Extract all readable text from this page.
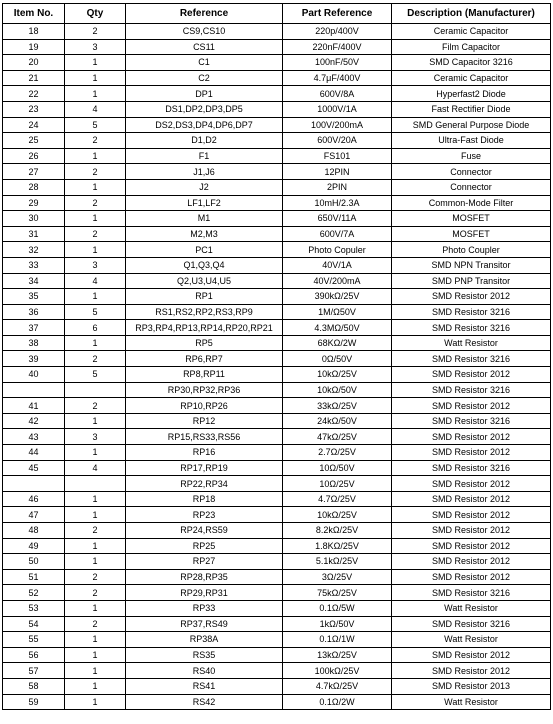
Item No.	Qty	Reference	Part Reference	Description (Manufacturer)
18	2	CS9,CS10	220p/400V	Ceramic Capacitor
19	3	CS11	220nF/400V	Film Capacitor
20	1	C1	100nF/50V	SMD Capacitor 3216
21	1	C2	4.7μF/400V	Ceramic Capacitor
22	1	DP1	600V/8A	Hyperfast2 Diode
23	4	DS1,DP2,DP3,DP5	1000V/1A	Fast Rectifier Diode
24	5	DS2,DS3,DP4,DP6,DP7	100V/200mA	SMD General Purpose Diode
25	2	D1,D2	600V/20A	Ultra-Fast Diode
26	1	F1	FS101	Fuse
27	2	J1,J6	12PIN	Connector
28	1	J2	2PIN	Connector
29	2	LF1,LF2	10mH/2.3A	Common-Mode Filter
30	1	M1	650V/11A	MOSFET
31	2	M2,M3	600V/7A	MOSFET
32	1	PC1	Photo Copuler	Photo Coupler
33	3	Q1,Q3,Q4	40V/1A	SMD NPN Transitor
34	4	Q2,U3,U4,U5	40V/200mA	SMD PNP Transitor
35	1	RP1	390kΩ/25V	SMD Resistor 2012
36	5	RS1,RS2,RP2,RS3,RP9	1M/Ω50V	SMD Resistor 3216
37	6	RP3,RP4,RP13,RP14,RP20,RP21	4.3MΩ/50V	SMD Resistor 3216
38	1	RP5	68KΩ/2W	Watt Resistor
39	2	RP6,RP7	0Ω/50V	SMD Resistor 3216
40	5	RP8,RP11	10kΩ/25V	SMD Resistor 2012
		RP30,RP32,RP36	10kΩ/50V	SMD Resistor 3216
41	2	RP10,RP26	33kΩ/25V	SMD Resistor 2012
42	1	RP12	24kΩ/50V	SMD Resistor 3216
43	3	RP15,RS33,RS56	47kΩ/25V	SMD Resistor 2012
44	1	RP16	2.7Ω/25V	SMD Resistor 2012
45	4	RP17,RP19	10Ω/50V	SMD Resistor 3216
		RP22,RP34	10Ω/25V	SMD Resistor 2012
46	1	RP18	4.7Ω/25V	SMD Resistor 2012
47	1	RP23	10kΩ/25V	SMD Resistor 2012
48	2	RP24,RS59	8.2kΩ/25V	SMD Resistor 2012
49	1	RP25	1.8KΩ/25V	SMD Resistor 2012
50	1	RP27	5.1kΩ/25V	SMD Resistor 2012
51	2	RP28,RP35	3Ω/25V	SMD Resistor 2012
52	2	RP29,RP31	75kΩ/25V	SMD Resistor 3216
53	1	RP33	0.1Ω/5W	Watt Resistor
54	2	RP37,RS49	1kΩ/50V	SMD Resistor 3216
55	1	RP38A	0.1Ω/1W	Watt Resistor
56	1	RS35	13kΩ/25V	SMD Resistor 2012
57	1	RS40	100kΩ/25V	SMD Resistor 2012
58	1	RS41	4.7kΩ/25V	SMD Resistor 2013
59	1	RS42	0.1Ω/2W	Watt Resistor
